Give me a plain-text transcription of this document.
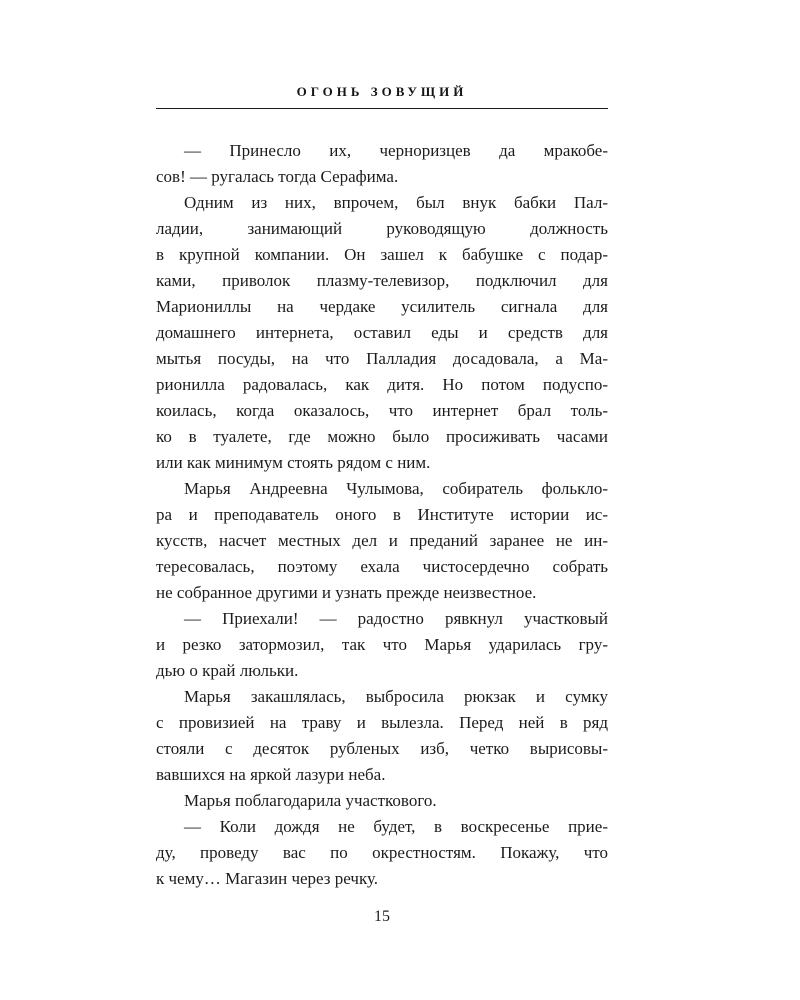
ОГОНЬ ЗОВУЩИЙ
— Принесло их, черноризцев да мракобе-
сов! — ругалась тогда Серафима.
Одним из них, впрочем, был внук бабки Пал-
ладии, занимающий руководящую должность
в крупной компании. Он зашел к бабушке с подар-
ками, приволок плазму-телевизор, подключил для
Мариониллы на чердаке усилитель сигнала для
домашнего интернета, оставил еды и средств для
мытья посуды, на что Палладия досадовала, а Ма-
рионилла радовалась, как дитя. Но потом подуспо-
коилась, когда оказалось, что интернет брал толь-
ко в туалете, где можно было просиживать часами
или как минимум стоять рядом с ним.
Марья Андреевна Чулымова, собиратель фолькло-
ра и преподаватель оного в Институте истории ис-
кусств, насчет местных дел и преданий заранее не ин-
тересовалась, поэтому ехала чистосердечно собрать
не собранное другими и узнать прежде неизвестное.
— Приехали! — радостно рявкнул участковый
и резко затормозил, так что Марья ударилась гру-
дью о край люльки.
Марья закашлялась, выбросила рюкзак и сумку
с провизией на траву и вылезла. Перед ней в ряд
стояли с десяток рубленых изб, четко вырисовы-
вавшихся на яркой лазури неба.
Марья поблагодарила участкового.
— Коли дождя не будет, в воскресенье прие-
ду, проведу вас по окрестностям. Покажу, что
к чему… Магазин через речку.
15
